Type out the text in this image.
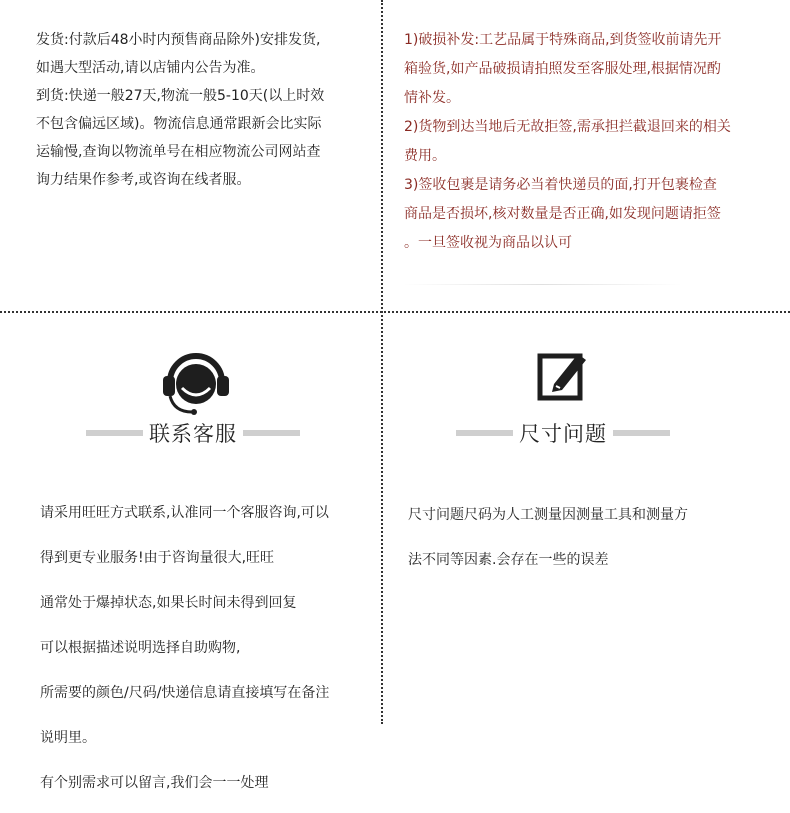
发货:付款后48小时内预售商品除外)安排发货,

如遇大型活动,请以店铺内公告为准。

到货:快递一般27天,物流一般5-10天(以上时效

不包含偏远区域)。物流信息通常跟新会比实际

运输慢,查询以物流单号在相应物流公司网站查

询力结果作参考,或咨询在线者服。

1)破损补发:工艺品属于特殊商品,到货签收前请先开

箱验货,如产品破损请拍照发至客服处理,根据情况酌

情补发。

2)货物到达当地后无故拒签,需承担拦截退回来的相关

费用。

3)签收包裹是请务必当着快递员的面,打开包裹检查

商品是否损坏,核对数量是否正确,如发现问题请拒签

。一旦签收视为商品以认可

联系客服

请采用旺旺方式联系,认准同一个客服咨询,可以

得到更专业服务!由于咨询量很大,旺旺

通常处于爆掉状态,如果长时间未得到回复

可以根据描述说明选择自助购物,

所需要的颜色/尺码/快递信息请直接填写在备注

说明里。

有个别需求可以留言,我们会一一处理

尺寸问题

尺寸问题尺码为人工测量因测量工具和测量方

法不同等因素.会存在一些的误差
